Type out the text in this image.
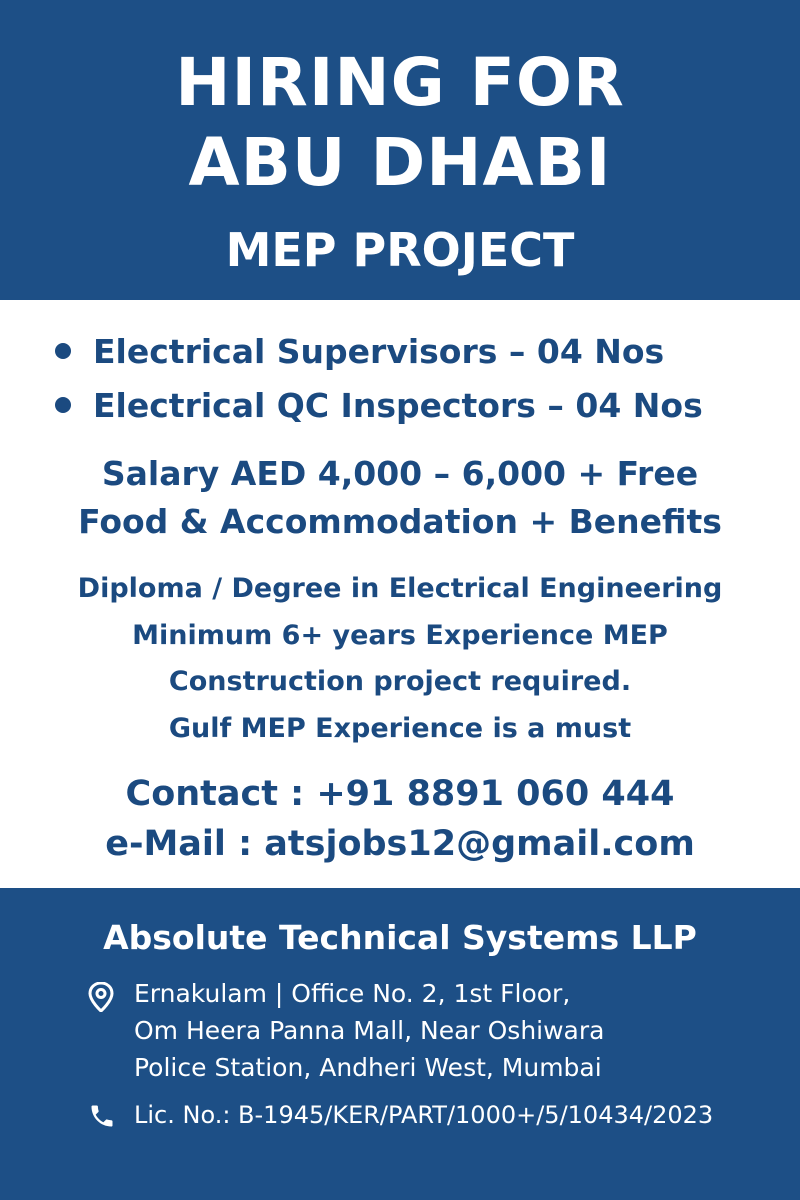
HIRING FOR
ABU DHABI
MEP PROJECT
Electrical Supervisors – 04 Nos
Electrical QC Inspectors – 04 Nos
Salary AED 4,000 – 6,000 + Free
Food & Accommodation + Benefits
Diploma / Degree in Electrical Engineering
Minimum 6+ years Experience MEP
Construction project required.
Gulf MEP Experience is a must
Contact : +91 8891 060 444
e-Mail : atsjobs12@gmail.com
Absolute Technical Systems LLP
Ernakulam | Office No. 2, 1st Floor,
Om Heera Panna Mall, Near Oshiwara
Police Station, Andheri West, Mumbai
Lic. No.: B-1945/KER/PART/1000+/5/10434/2023
